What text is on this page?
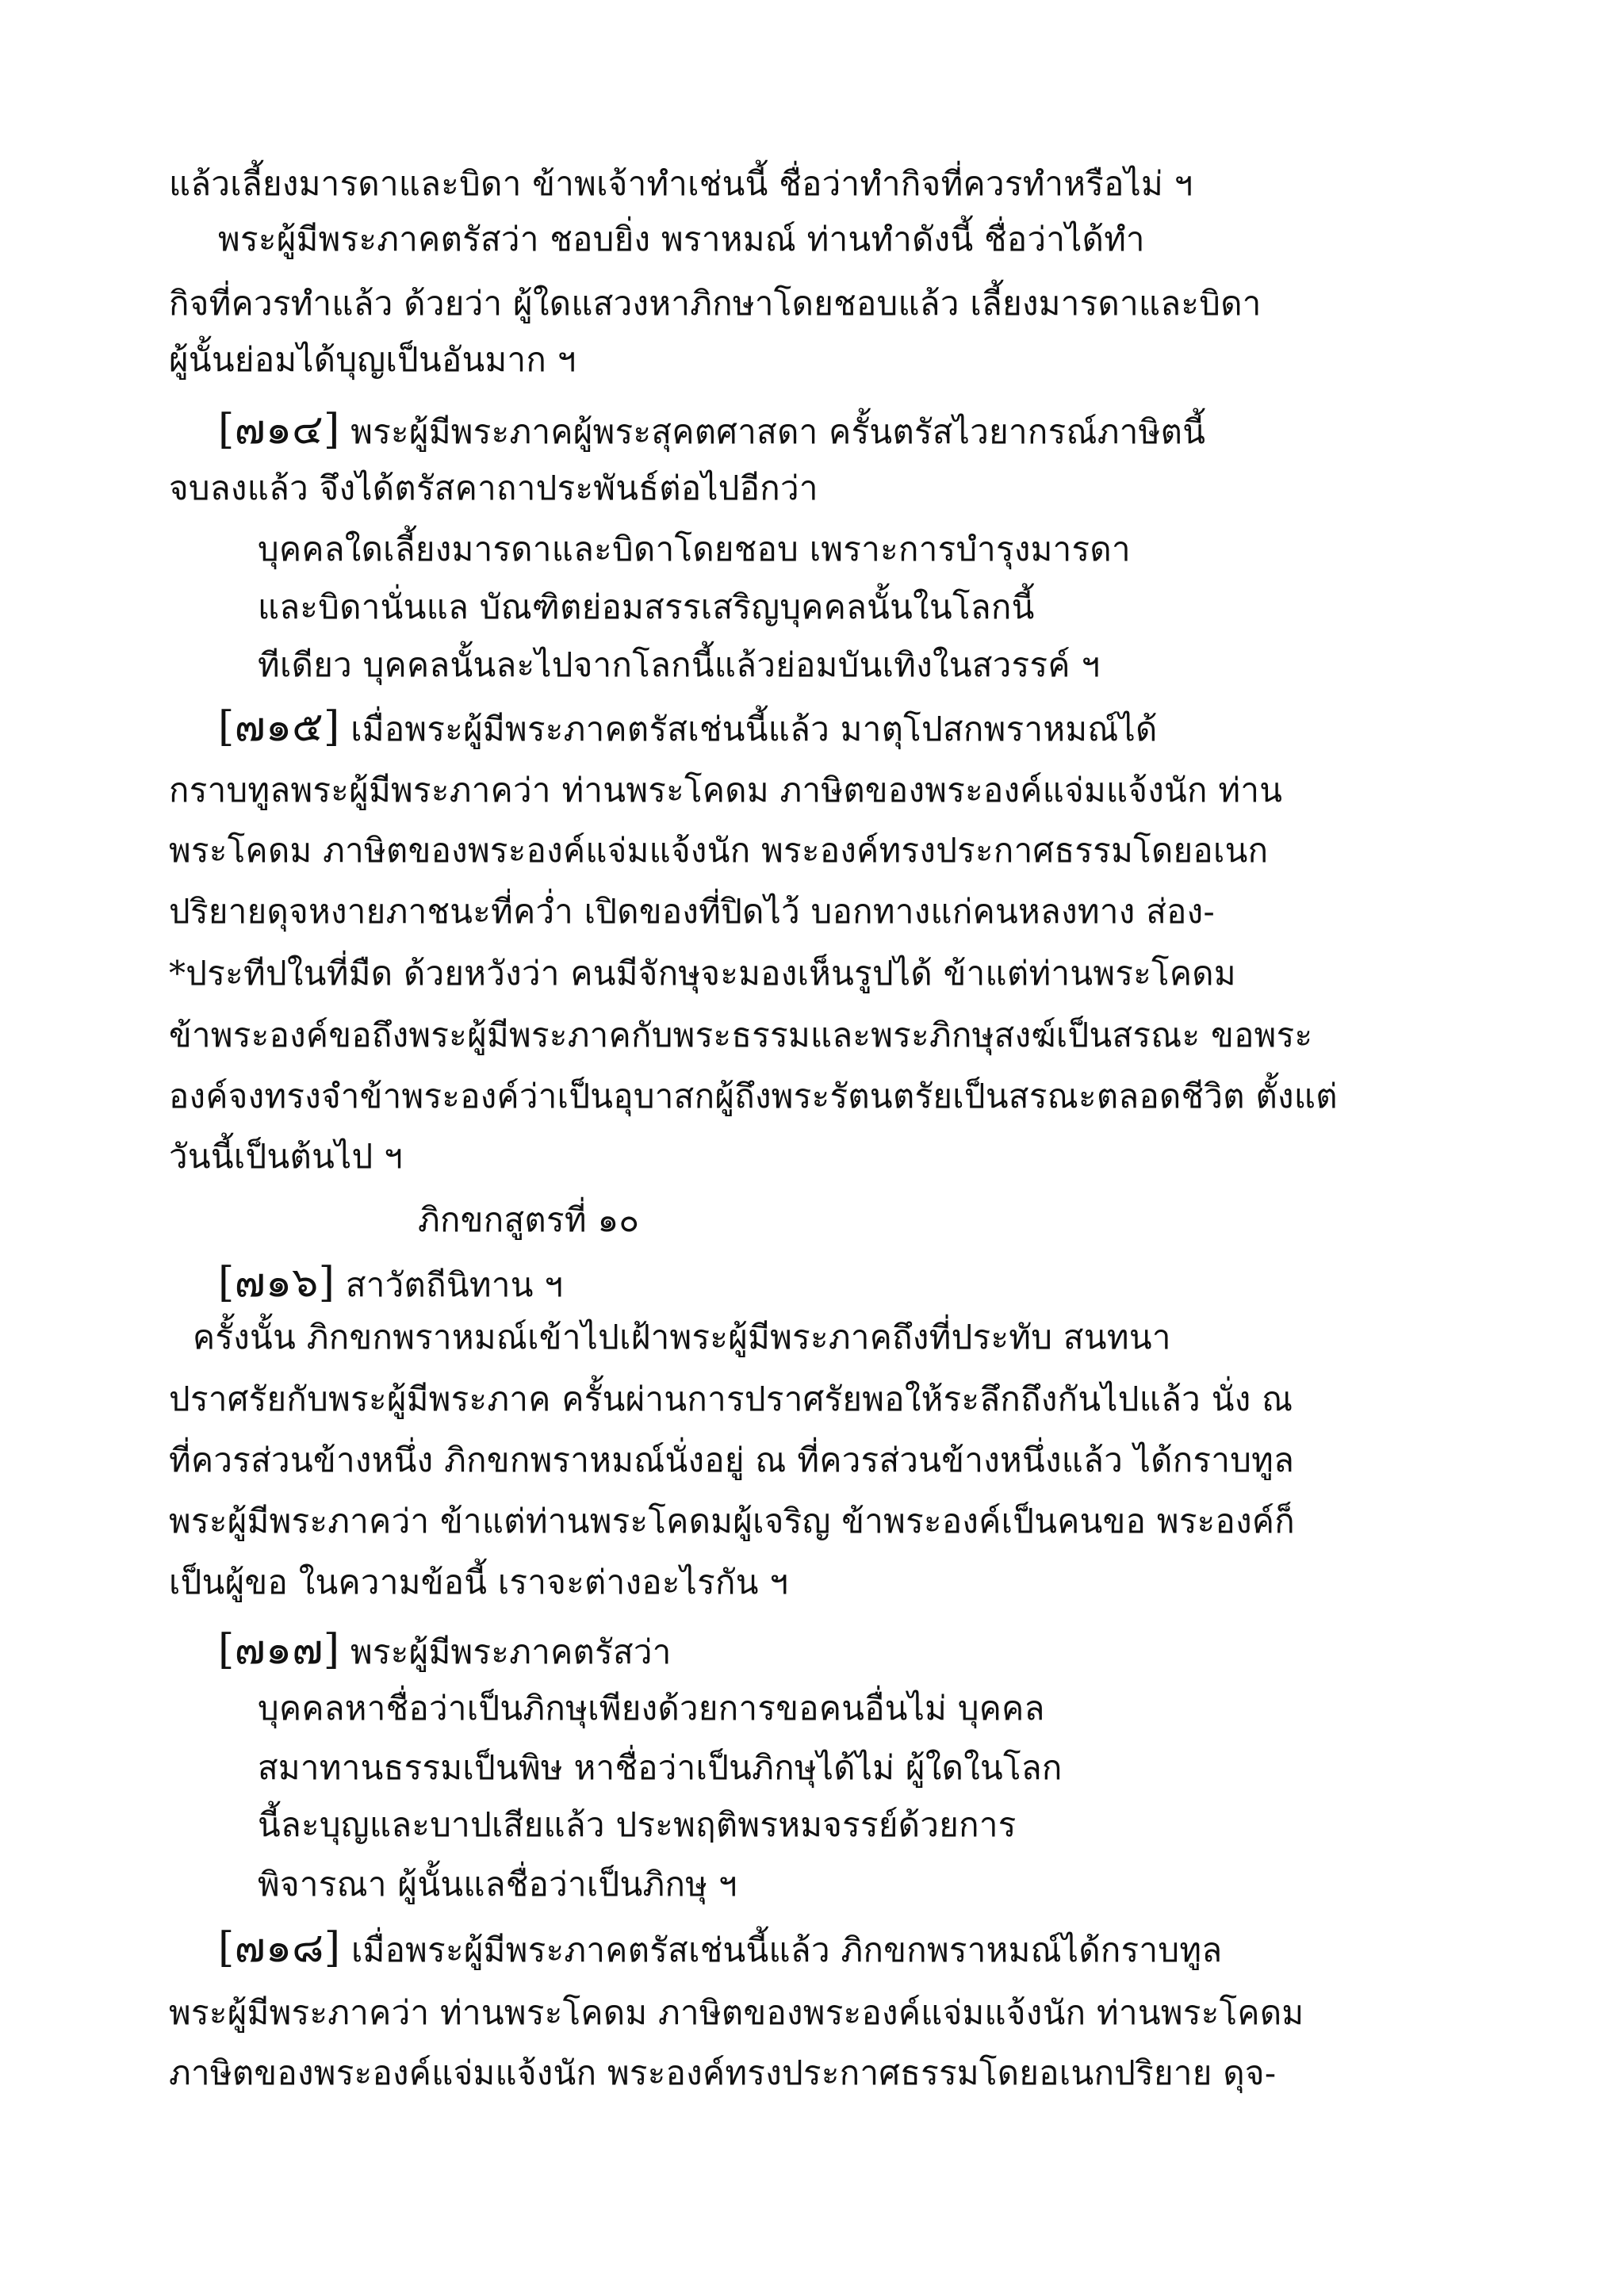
แล้วเลี้ยงมารดาและบิดา ข้าพเจ้าทำเช่นนี้ ชื่อว่าทำกิจที่ควรทำหรือไม่ ฯ
พระผู้มีพระภาคตรัสว่า ชอบยิ่ง พราหมณ์ ท่านทำดังนี้ ชื่อว่าได้ทำ
กิจที่ควรทำแล้ว ด้วยว่า ผู้ใดแสวงหาภิกษาโดยชอบแล้ว เลี้ยงมารดาและบิดา
ผู้นั้นย่อมได้บุญเป็นอันมาก ฯ
[๗๑๔] พระผู้มีพระภาคผู้พระสุคตศาสดา ครั้นตรัสไวยากรณ์ภาษิตนี้
จบลงแล้ว จึงได้ตรัสคาถาประพันธ์ต่อไปอีกว่า
บุคคลใดเลี้ยงมารดาและบิดาโดยชอบ เพราะการบำรุงมารดา
และบิดานั่นแล บัณฑิตย่อมสรรเสริญบุคคลนั้นในโลกนี้
ทีเดียว บุคคลนั้นละไปจากโลกนี้แล้วย่อมบันเทิงในสวรรค์ ฯ
[๗๑๕] เมื่อพระผู้มีพระภาคตรัสเช่นนี้แล้ว มาตุโปสกพราหมณ์ได้
กราบทูลพระผู้มีพระภาคว่า ท่านพระโคดม ภาษิตของพระองค์แจ่มแจ้งนัก ท่าน
พระโคดม ภาษิตของพระองค์แจ่มแจ้งนัก พระองค์ทรงประกาศธรรมโดยอเนก
ปริยายดุจหงายภาชนะที่คว่ำ เปิดของที่ปิดไว้ บอกทางแก่คนหลงทาง ส่อง-
*ประทีปในที่มืด ด้วยหวังว่า คนมีจักษุจะมองเห็นรูปได้ ข้าแต่ท่านพระโคดม
ข้าพระองค์ขอถึงพระผู้มีพระภาคกับพระธรรมและพระภิกษุสงฆ์เป็นสรณะ ขอพระ
องค์จงทรงจำข้าพระองค์ว่าเป็นอุบาสกผู้ถึงพระรัตนตรัยเป็นสรณะตลอดชีวิต ตั้งแต่
วันนี้เป็นต้นไป ฯ
ภิกขกสูตรที่ ๑๐
[๗๑๖] สาวัตถีนิทาน ฯ
ครั้งนั้น ภิกขกพราหมณ์เข้าไปเฝ้าพระผู้มีพระภาคถึงที่ประทับ สนทนา
ปราศรัยกับพระผู้มีพระภาค ครั้นผ่านการปราศรัยพอให้ระลึกถึงกันไปแล้ว นั่ง ณ
ที่ควรส่วนข้างหนึ่ง ภิกขกพราหมณ์นั่งอยู่ ณ ที่ควรส่วนข้างหนึ่งแล้ว ได้กราบทูล
พระผู้มีพระภาคว่า ข้าแต่ท่านพระโคดมผู้เจริญ ข้าพระองค์เป็นคนขอ พระองค์ก็
เป็นผู้ขอ ในความข้อนี้ เราจะต่างอะไรกัน ฯ
[๗๑๗] พระผู้มีพระภาคตรัสว่า
บุคคลหาชื่อว่าเป็นภิกษุเพียงด้วยการขอคนอื่นไม่ บุคคล
สมาทานธรรมเป็นพิษ หาชื่อว่าเป็นภิกษุได้ไม่ ผู้ใดในโลก
นี้ละบุญและบาปเสียแล้ว ประพฤติพรหมจรรย์ด้วยการ
พิจารณา ผู้นั้นแลชื่อว่าเป็นภิกษุ ฯ
[๗๑๘] เมื่อพระผู้มีพระภาคตรัสเช่นนี้แล้ว ภิกขกพราหมณ์ได้กราบทูล
พระผู้มีพระภาคว่า ท่านพระโคดม ภาษิตของพระองค์แจ่มแจ้งนัก ท่านพระโคดม
ภาษิตของพระองค์แจ่มแจ้งนัก พระองค์ทรงประกาศธรรมโดยอเนกปริยาย ดุจ-
